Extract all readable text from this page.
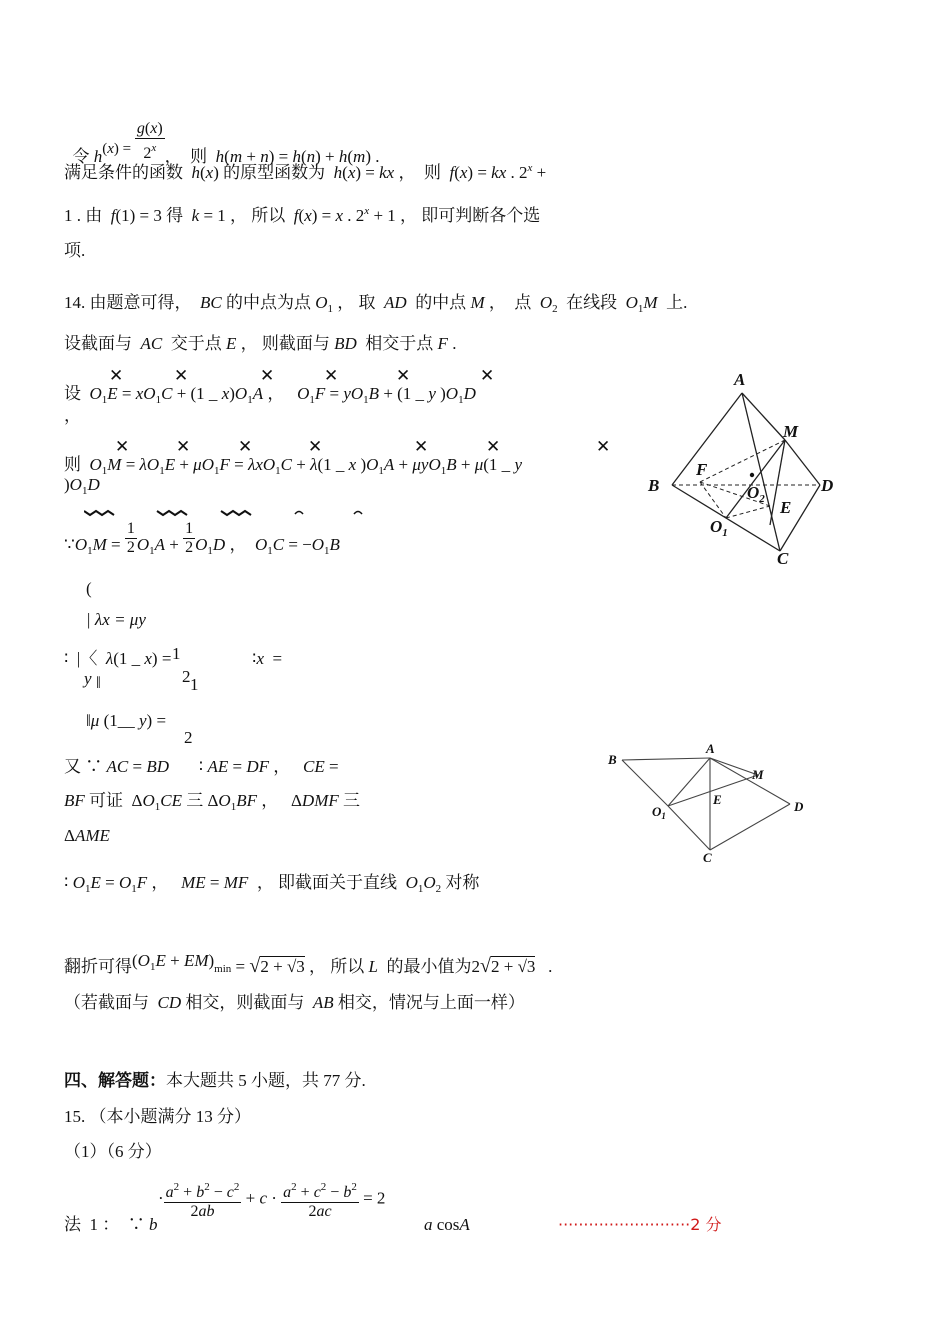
令 $h(x) = \frac{g(x)}{2^x}$ ，  则  h(m + n) = h(n) + h(m) .

满足条件的函数  h(x) 的原型函数为  h(x) = kx ，  则  f(x) = kx . $2^x$ +
1 . 由  f(1) = 3 得  k = 1 ， 所以  f(x) = x . $2^x + 1$ ， 即可判断各个选
项.
14. 由题意可得，  BC 的中点为点 $O_1$ ， 取  AD  的中点 M ，  点  $O_2$  在线段  $O_1M$  上.
设截面与  AC  交于点 E ， 则截面与 BD  相交于点 F .
✕	✕	✕	✕	✕	✕
设  $O_1E = xO_1C + (1$ _ $x)O_1A$ ，   $O_1F = yO_1B + (1$ _ y )$O_1D$
，
✕	✕	✕	✕	✕	✕	✕
则  $O_1M = \lambda O_1E + \mu O_1F = \lambda xO_1C + \lambda(1$ _ x )$O_1A + \mu yO_1B + \mu(1$ _ y
)$O_1D$
$\because O_1M = \frac{1}{2} O_1A + \frac{1}{2} O_1D$ ，  $O_1C = -O_1B$
(
| λx = μy
∶  |〈  λ(1 _ x) = 1	∶x  =
y ‖	2 1
‖μ (1__ y) =
2
又 ∵ AC = BD       ∶ AE = DF ，   CE =
BF 可证  $\Delta O_1CE$ 三 $\Delta O_1BF$ ，   ΔDMF 三
ΔAME
∶ $O_1E = O_1F$ ，   ME = MF  ， 即截面关于直线  $O_1O_2$ 对称
翻折可得$(O_1E + EM)\min = √2 + √3$ ， 所以 L  的最小值为2√2 + √3   .
（若截面与  CD 相交，则截面与  AB 相交，情况与上面一样）
四、解答题：本大题共 5 小题，共 77 分.
15. （本小题满分 13 分）
（1）（6 分）
· $\frac{a^2 + b^2 - c^2}{2ab} + c \cdot \frac{a^2 + c^2 - b^2}{2ac} = 2$
法  1 ：  ∵ b	a cosA	··························2 分
A
M
B
F
$O_2$
D
E
$O_1$
C
B
A
M
E	D
$O_1$
C
